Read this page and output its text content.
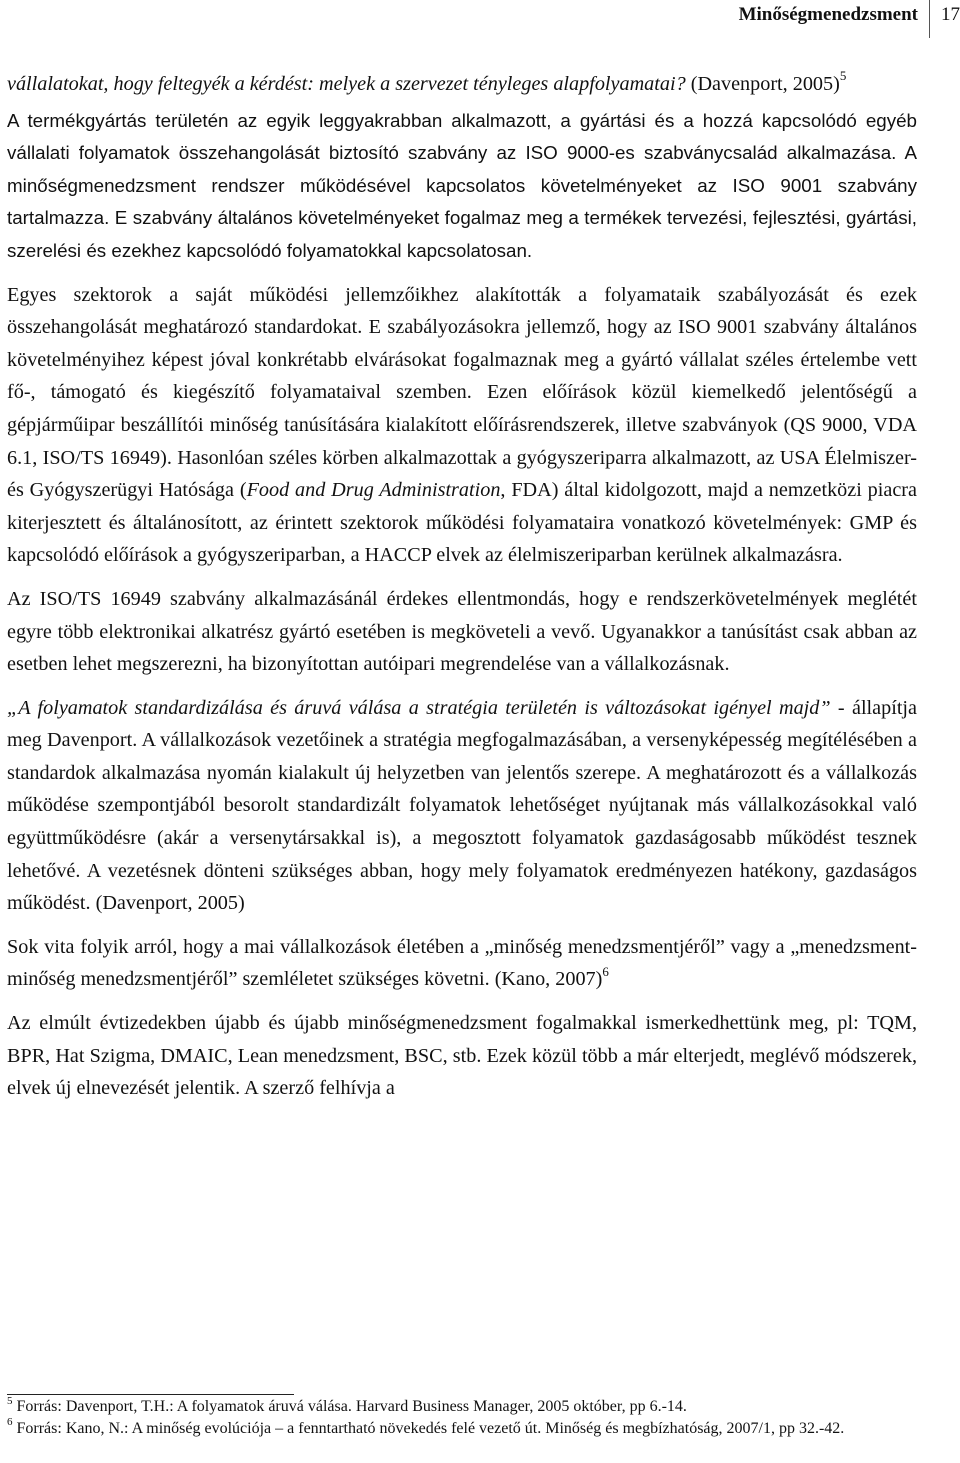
Minőségmenedzsment 17

vállalatokat, hogy feltegyék a kérdést: melyek a szervezet tényleges alapfolyamatai? (Davenport, 2005)$^5$

A termékgyártás területén az egyik leggyakrabban alkalmazott, a gyártási és a hozzá kapcsolódó egyéb vállalati folyamatok összehangolását biztosító szabvány az ISO 9000-es szabványcsalád alkalmazása. A minőségmenedzsment rendszer működésével kapcsolatos követelményeket az ISO 9001 szabvány tartalmazza. E szabvány általános követelményeket fogalmaz meg a termékek tervezési, fejlesztési, gyártási, szerelési és ezekhez kapcsolódó folyamatokkal kapcsolatosan.

Egyes szektorok a saját működési jellemzőikhez alakították a folyamataik szabályozását és ezek összehangolását meghatározó standardokat. E szabályozásokra jellemző, hogy az ISO 9001 szabvány általános követelményihez képest jóval konkrétabb elvárásokat fogalmaznak meg a gyártó vállalat széles értelembe vett fő-, támogató és kiegészítő folyamataival szemben. Ezen előírások közül kiemelkedő jelentőségű a gépjárműipar beszállítói minőség tanúsítására kialakított előírásrendszerek, illetve szabványok (QS 9000, VDA 6.1, ISO/TS 16949). Hasonlóan széles körben alkalmazottak a gyógyszeriparra alkalmazott, az USA Élelmiszer-és Gyógyszerügyi Hatósága (Food and Drug Administration, FDA) által kidolgozott, majd a nemzetközi piacra kiterjesztett és általánosított, az érintett szektorok működési folyamataira vonatkozó követelmények: GMP és kapcsolódó előírások a gyógyszeriparban, a HACCP elvek az élelmiszeriparban kerülnek alkalmazásra.

Az ISO/TS 16949 szabvány alkalmazásánál érdekes ellentmondás, hogy e rendszerkövetelmények meglétét egyre több elektronikai alkatrész gyártó esetében is megköveteli a vevő. Ugyanakkor a tanúsítást csak abban az esetben lehet megszerezni, ha bizonyítottan autóipari megrendelése van a vállalkozásnak.

„A folyamatok standardizálása és áruvá válása a stratégia területén is változásokat igényel majd” - állapítja meg Davenport. A vállalkozások vezetőinek a stratégia megfogalmazásában, a versenyképesség megítélésében a standardok alkalmazása nyomán kialakult új helyzetben van jelentős szerepe. A meghatározott és a vállalkozás működése szempontjából besorolt standardizált folyamatok lehetőséget nyújtanak más vállalkozásokkal való együttműködésre (akár a versenytársakkal is), a megosztott folyamatok gazdaságosabb működést tesznek lehetővé. A vezetésnek dönteni szükséges abban, hogy mely folyamatok eredményezen hatékony, gazdaságos működést. (Davenport, 2005)

Sok vita folyik arról, hogy a mai vállalkozások életében a „minőség menedzsmentjéről” vagy a „menedzsment-minőség menedzsmentjéről” szemléletet szükséges követni. (Kano, 2007)$^6$

Az elmúlt évtizedekben újabb és újabb minőségmenedzsment fogalmakkal ismerkedhettünk meg, pl: TQM, BPR, Hat Szigma, DMAIC, Lean menedzsment, BSC, stb. Ezek közül több a már elterjedt, meglévő módszerek, elvek új elnevezését jelentik. A szerző felhívja a

$^5$ Forrás: Davenport, T.H.: A folyamatok áruvá válása. Harvard Business Manager, 2005 október, pp 6.-14.
$^6$ Forrás: Kano, N.: A minőség evolúciója – a fenntartható növekedés felé vezető út. Minőség és megbízhatóság, 2007/1, pp 32.-42.
